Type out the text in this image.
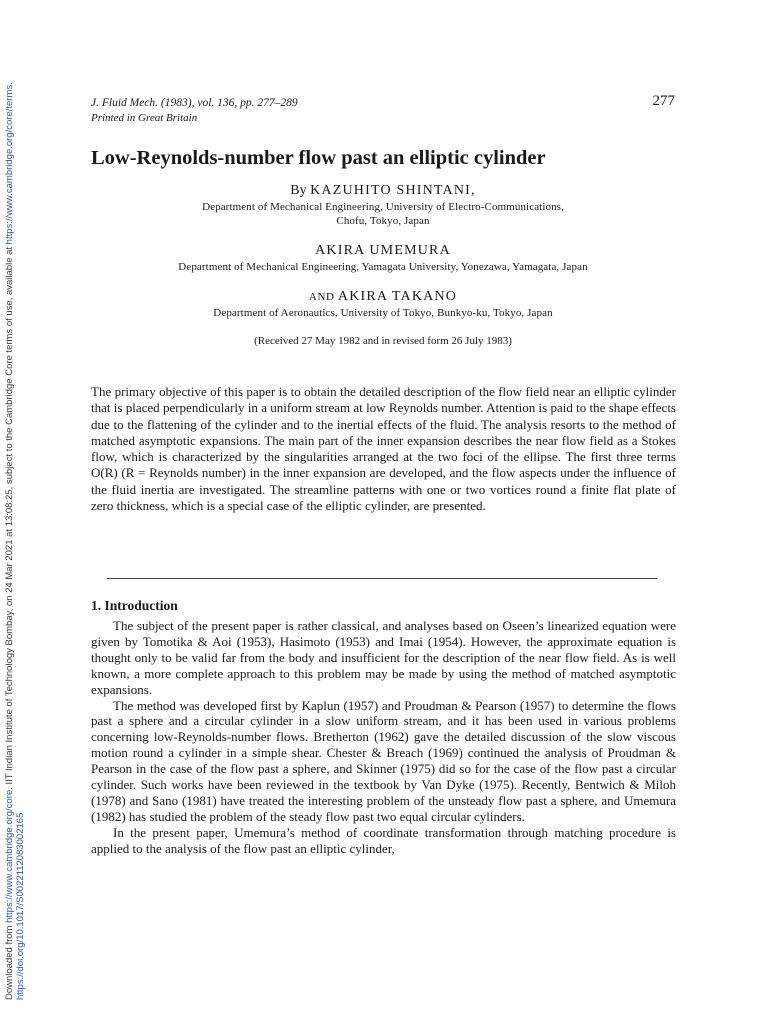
Downloaded from https://www.cambridge.org/core. IIT Indian Institute of Technology Bombay, on 24 Mar 2021 at 13:08:25, subject to the Cambridge Core terms of use, available at https://www.cambridge.org/core/terms.
https://doi.org/10.1017/S0022112083002165
J. Fluid Mech. (1983), vol. 136, pp. 277–289
Printed in Great Britain
277
Low-Reynolds-number flow past an elliptic cylinder
By KAZUHITO SHINTANI,
Department of Mechanical Engineering, University of Electro-Communications,
Chofu, Tokyo, Japan
AKIRA UMEMURA
Department of Mechanical Engineering, Yamagata University, Yonezawa, Yamagata, Japan
AND AKIRA TAKANO
Department of Aeronautics, University of Tokyo, Bunkyo-ku, Tokyo, Japan
(Received 27 May 1982 and in revised form 26 July 1983)
The primary objective of this paper is to obtain the detailed description of the flow field near an elliptic cylinder that is placed perpendicularly in a uniform stream at low Reynolds number. Attention is paid to the shape effects due to the flattening of the cylinder and to the inertial effects of the fluid. The analysis resorts to the method of matched asymptotic expansions. The main part of the inner expansion describes the near flow field as a Stokes flow, which is characterized by the singularities arranged at the two foci of the ellipse. The first three terms O(R) (R = Reynolds number) in the inner expansion are developed, and the flow aspects under the influence of the fluid inertia are investigated. The streamline patterns with one or two vortices round a finite flat plate of zero thickness, which is a special case of the elliptic cylinder, are presented.
1. Introduction

The subject of the present paper is rather classical, and analyses based on Oseen’s linearized equation were given by Tomotika & Aoi (1953), Hasimoto (1953) and Imai (1954). However, the approximate equation is thought only to be valid far from the body and insufficient for the description of the near flow field. As is well known, a more complete approach to this problem may be made by using the method of matched asymptotic expansions.

The method was developed first by Kaplun (1957) and Proudman & Pearson (1957) to determine the flows past a sphere and a circular cylinder in a slow uniform stream, and it has been used in various problems concerning low-Reynolds-number flows. Bretherton (1962) gave the detailed discussion of the slow viscous motion round a cylinder in a simple shear. Chester & Breach (1969) continued the analysis of Proudman & Pearson in the case of the flow past a sphere, and Skinner (1975) did so for the case of the flow past a circular cylinder. Such works have been reviewed in the textbook by Van Dyke (1975). Recently, Bentwich & Miloh (1978) and Sano (1981) have treated the interesting problem of the unsteady flow past a sphere, and Umemura (1982) has studied the problem of the steady flow past two equal circular cylinders.

In the present paper, Umemura’s method of coordinate transformation through matching procedure is applied to the analysis of the flow past an elliptic cylinder,
